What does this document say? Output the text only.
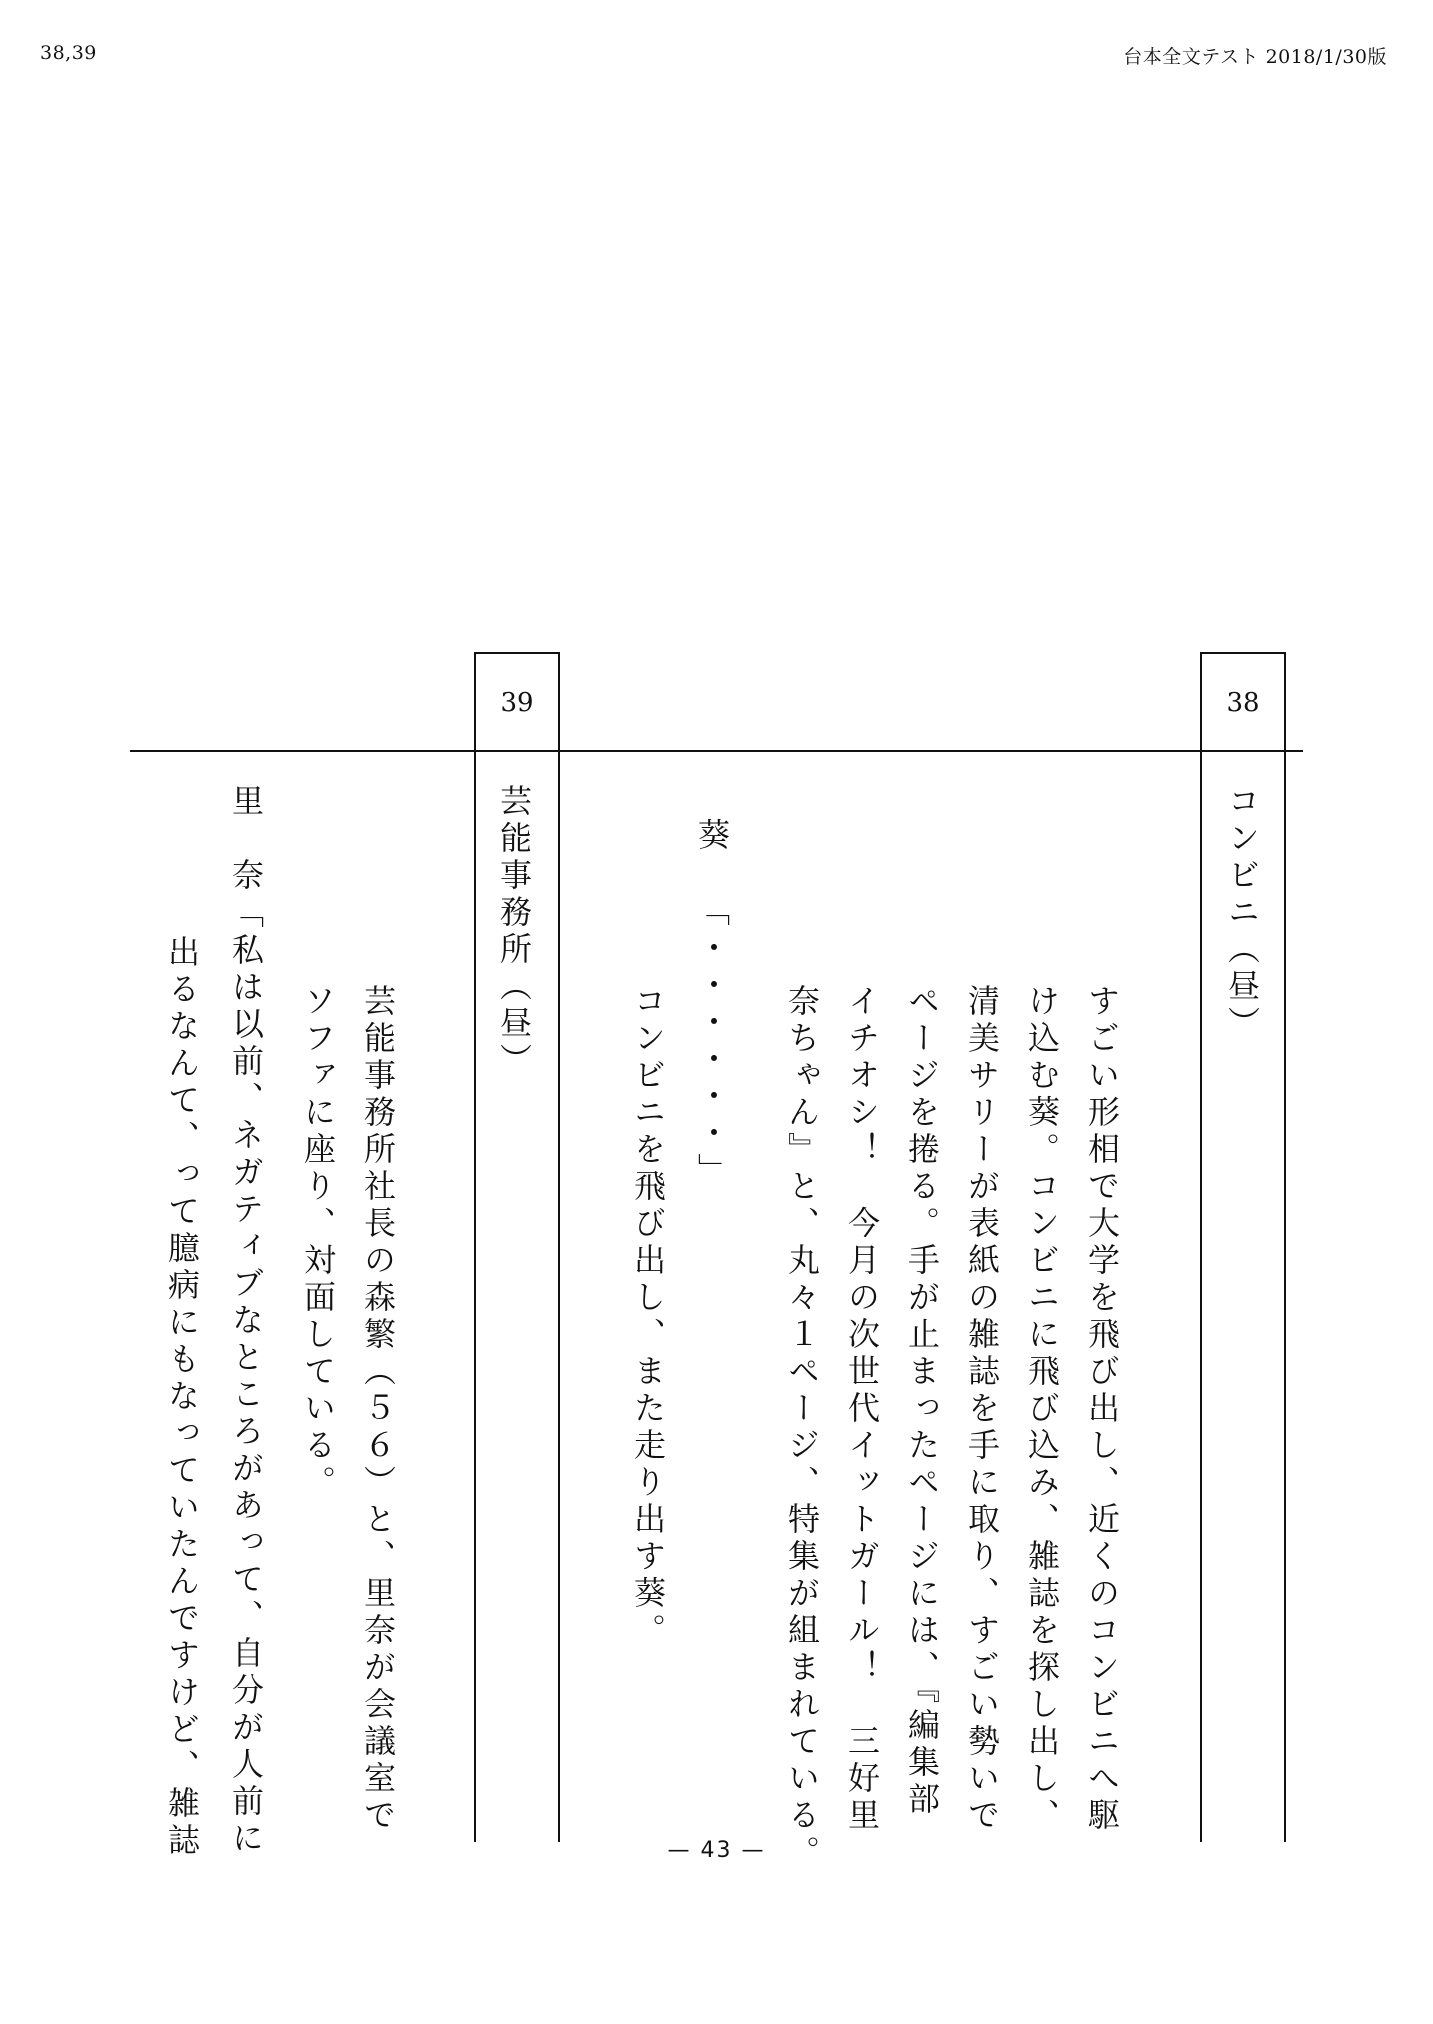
38,39	台本全文テスト 2018/1/30版
38
39
コンビニ（昼）
すごい形相で大学を飛び出し、近くのコンビニへ駆
け込む葵。コンビニに飛び込み、雑誌を探し出し、
清美サリーが表紙の雑誌を手に取り、すごい勢いで
ページを捲る。手が止まったページには、『編集部
イチオシ！　今月の次世代イットガール！　三好里
奈ちゃん』と、丸々１ページ、特集が組まれている。
葵
「・・・・・・」
コンビニを飛び出し、また走り出す葵。
芸能事務所（昼）
芸能事務所社長の森繁（５６）と、里奈が会議室で
ソファに座り、対面している。
里　奈
「私は以前、ネガティブなところがあって、自分が人前に
出るなんて、って臆病にもなっていたんですけど、雑誌	— 43 —
